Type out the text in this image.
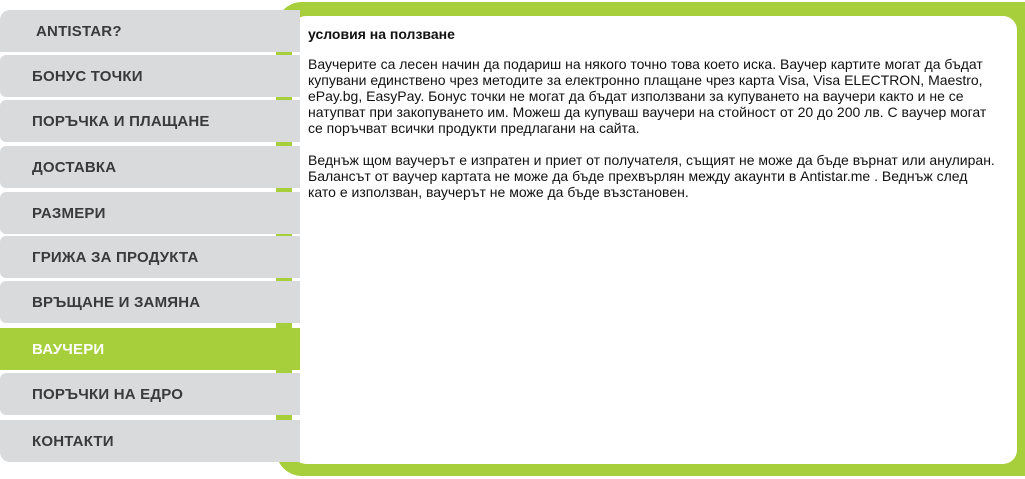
условия на ползване

Ваучерите са лесен начин да подариш на някого точно това което иска. Ваучер картите могат да бъдат купувани единствено чрез методите за електронно плащане чрез карта Visa, Visa ELECTRON, Maestro, ePay.bg, EasyPay. Бонус точки не могат да бъдат използвани за купуването на ваучери както и не се натупват при закопуването им. Можеш да купуваш ваучери на стойност от 20 до 200 лв. С ваучер могат се поръчват всички продукти предлагани на сайта.

Веднъж щом ваучерът е изпратен и приет от получателя, същият не може да бъде върнат или анулиран. Балансът от ваучер картата не може да бъде прехвърлян между акаунти в Antistar.me . Веднъж след като е използван, ваучерът не може да бъде възстановен.

ANTISTAR?
БОНУС ТОЧКИ
ПОРЪЧКА И ПЛАЩАНЕ
ДОСТАВКА
РАЗМЕРИ
ГРИЖА ЗА ПРОДУКТА
ВРЪЩАНЕ И ЗАМЯНА
ВАУЧЕРИ
ПОРЪЧКИ НА ЕДРО
КОНТАКТИ
